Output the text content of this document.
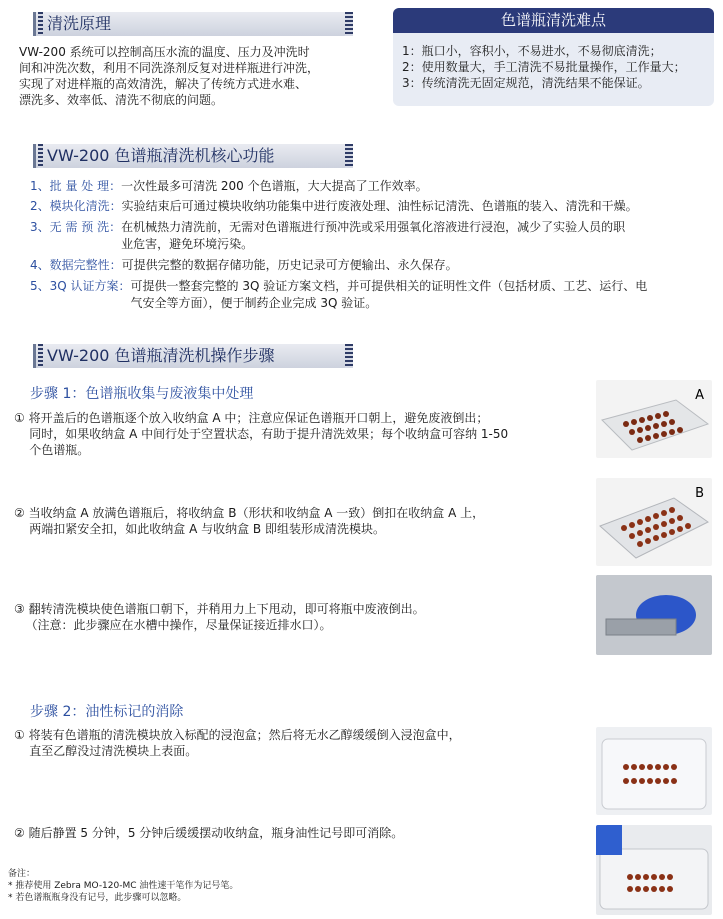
清洗原理

VW-200 系统可以控制高压水流的温度、压力及冲洗时

间和冲洗次数，利用不同洗涤剂反复对进样瓶进行冲洗，

实现了对进样瓶的高效清洗，解决了传统方式进水难、

漂洗多、效率低、清洗不彻底的问题。

色谱瓶清洗难点
1：瓶口小，容积小，不易进水，不易彻底清洗；
2：使用数量大，手工清洗不易批量操作，工作量大；
3：传统清洗无固定规范，清洗结果不能保证。
VW-200 色谱瓶清洗机核心功能
1、批 量 处 理： 一次性最多可清洗 200 个色谱瓶，大大提高了工作效率。
2、模块化清洗： 实验结束后可通过模块收纳功能集中进行废液处理、油性标记清洗、色谱瓶的装入、清洗和干燥。
3、无 需 预 洗： 在机械热力清洗前，无需对色谱瓶进行预冲洗或采用强氧化溶液进行浸泡，减少了实验人员的职
业危害，避免环境污染。
4、数据完整性： 可提供完整的数据存储功能，历史记录可方便输出、永久保存。
5、3Q 认证方案： 可提供一整套完整的 3Q 验证方案文档，并可提供相关的证明性文件（包括材质、工艺、运行、电
气安全等方面），便于制药企业完成 3Q 验证。
VW-200 色谱瓶清洗机操作步骤
步骤 1：色谱瓶收集与废液集中处理
① 将开盖后的色谱瓶逐个放入收纳盒 A 中；注意应保证色谱瓶开口朝上，避免废液倒出；
同时，如果收纳盒 A 中间行处于空置状态，有助于提升清洗效果；每个收纳盒可容纳 1-50
个色谱瓶。
② 当收纳盒 A 放满色谱瓶后，将收纳盒 B（形状和收纳盒 A 一致）倒扣在收纳盒 A 上，
两端扣紧安全扣，如此收纳盒 A 与收纳盒 B 即组装形成清洗模块。
③ 翻转清洗模块使色谱瓶口朝下，并稍用力上下甩动，即可将瓶中废液倒出。
（注意：此步骤应在水槽中操作，尽量保证接近排水口）。
A
B
步骤 2：油性标记的消除
① 将装有色谱瓶的清洗模块放入标配的浸泡盒；然后将无水乙醇缓缓倒入浸泡盒中，
直至乙醇没过清洗模块上表面。
② 随后静置 5 分钟，5 分钟后缓缓摆动收纳盒，瓶身油性记号即可消除。
备注：
* 推荐使用 Zebra MO-120-MC 油性速干笔作为记号笔。
* 若色谱瓶瓶身没有记号，此步骤可以忽略。
